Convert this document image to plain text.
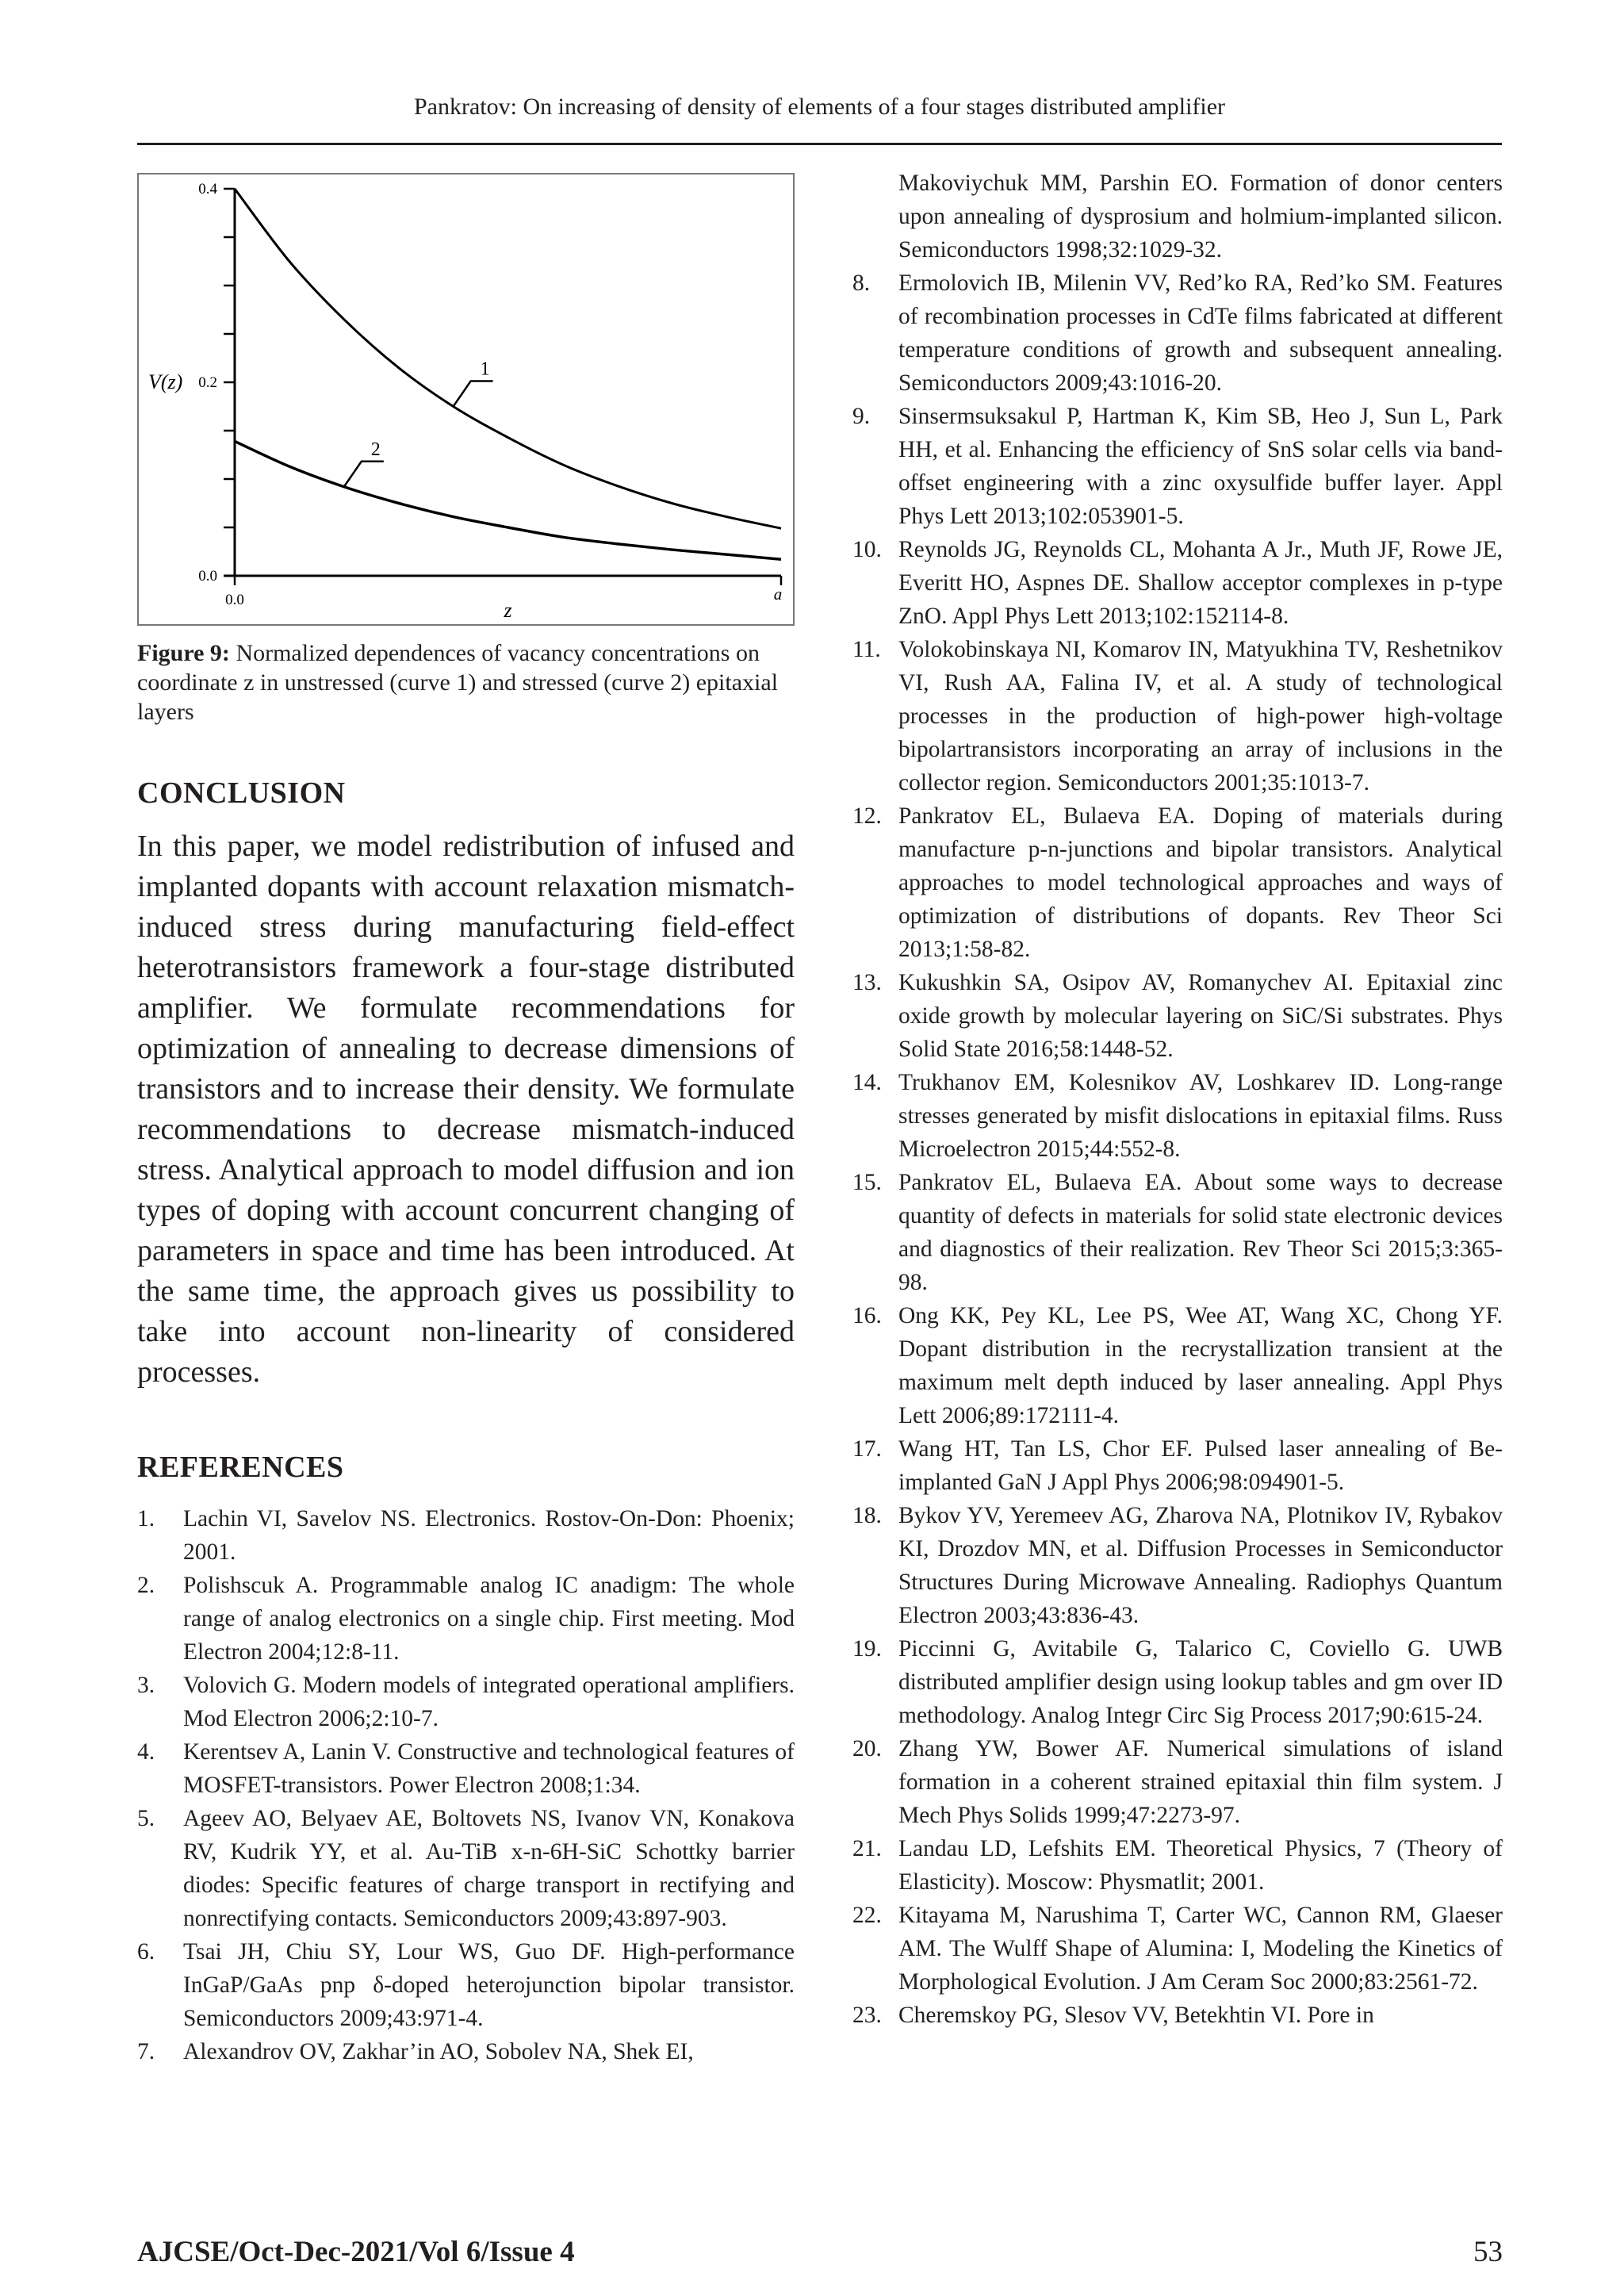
Pankratov: On increasing of density of elements of a four stages distributed amplifier
0.0
0.2
0.4
0.0	a
z
V(z)
1
2
Figure 9: Normalized dependences of vacancy concentrations on coordinate z in unstressed (curve 1) and stressed (curve 2) epitaxial layers
CONCLUSION
In this paper, we model redistribution of infused and implanted dopants with account relaxation mismatch-induced stress during manufacturing field-effect heterotransistors framework a four-stage distributed amplifier. We formulate recommendations for optimization of annealing to decrease dimensions of transistors and to increase their density. We formulate recommendations to decrease mismatch-induced stress. Analytical approach to model diffusion and ion types of doping with account concurrent changing of parameters in space and time has been introduced. At the same time, the approach gives us possibility to take into account non-linearity of considered processes.
REFERENCES
1.	Lachin VI, Savelov NS. Electronics. Rostov-On-Don: Phoenix; 2001.
2.	Polishscuk A. Programmable analog IC anadigm: The whole range of analog electronics on a single chip. First meeting. Mod Electron 2004;12:8-11.
3.	Volovich G. Modern models of integrated operational amplifiers. Mod Electron 2006;2:10-7.
4.	Kerentsev A, Lanin V. Constructive and technological features of MOSFET-transistors. Power Electron 2008;1:34.
5.	Ageev AO, Belyaev AE, Boltovets NS, Ivanov VN, Konakova RV, Kudrik YY, et al. Au-TiB x-n-6H-SiC Schottky barrier diodes: Specific features of charge transport in rectifying and nonrectifying contacts. Semiconductors 2009;43:897-903.
6.	Tsai JH, Chiu SY, Lour WS, Guo DF. High-performance InGaP/GaAs pnp δ-doped heterojunction bipolar transistor. Semiconductors 2009;43:971-4.
7.	Alexandrov OV, Zakhar’in AO, Sobolev NA, Shek EI,
Makoviychuk MM, Parshin EO. Formation of donor centers upon annealing of dysprosium and holmium-implanted silicon. Semiconductors 1998;32:1029-32.
8.	Ermolovich IB, Milenin VV, Red’ko RA, Red’ko SM. Features of recombination processes in CdTe films fabricated at different temperature conditions of growth and subsequent annealing. Semiconductors 2009;43:1016-20.
9.	Sinsermsuksakul P, Hartman K, Kim SB, Heo J, Sun L, Park HH, et al. Enhancing the efficiency of SnS solar cells via band-offset engineering with a zinc oxysulfide buffer layer. Appl Phys Lett 2013;102:053901-5.
10. Reynolds JG, Reynolds CL, Mohanta A Jr., Muth JF, Rowe JE, Everitt HO, Aspnes DE. Shallow acceptor complexes in p-type ZnO. Appl Phys Lett 2013;102:152114-8.
11. Volokobinskaya NI, Komarov IN, Matyukhina TV, Reshetnikov VI, Rush AA, Falina IV, et al. A study of technological processes in the production of high-power high-voltage bipolartransistors incorporating an array of inclusions in the collector region. Semiconductors 2001;35:1013-7.
12. Pankratov EL, Bulaeva EA. Doping of materials during manufacture p-n-junctions and bipolar transistors. Analytical approaches to model technological approaches and ways of optimization of distributions of dopants. Rev Theor Sci 2013;1:58-82.
13. Kukushkin SA, Osipov AV, Romanychev AI. Epitaxial zinc oxide growth by molecular layering on SiC/Si substrates. Phys Solid State 2016;58:1448-52.
14. Trukhanov EM, Kolesnikov AV, Loshkarev ID. Long-range stresses generated by misfit dislocations in epitaxial films. Russ Microelectron 2015;44:552-8.
15. Pankratov EL, Bulaeva EA. About some ways to decrease quantity of defects in materials for solid state electronic devices and diagnostics of their realization. Rev Theor Sci 2015;3:365-98.
16. Ong KK, Pey KL, Lee PS, Wee AT, Wang XC, Chong YF. Dopant distribution in the recrystallization transient at the maximum melt depth induced by laser annealing. Appl Phys Lett 2006;89:172111-4.
17. Wang HT, Tan LS, Chor EF. Pulsed laser annealing of Be-implanted GaN J Appl Phys 2006;98:094901-5.
18. Bykov YV, Yeremeev AG, Zharova NA, Plotnikov IV, Rybakov KI, Drozdov MN, et al. Diffusion Processes in Semiconductor Structures During Microwave Annealing. Radiophys Quantum Electron 2003;43:836-43.
19. Piccinni G, Avitabile G, Talarico C, Coviello G. UWB distributed amplifier design using lookup tables and gm over ID methodology. Analog Integr Circ Sig Process 2017;90:615-24.
20. Zhang YW, Bower AF. Numerical simulations of island formation in a coherent strained epitaxial thin film system. J Mech Phys Solids 1999;47:2273-97.
21. Landau LD, Lefshits EM. Theoretical Physics, 7 (Theory of Elasticity). Moscow: Physmatlit; 2001.
22. Kitayama M, Narushima T, Carter WC, Cannon RM, Glaeser AM. The Wulff Shape of Alumina: I, Modeling the Kinetics of Morphological Evolution. J Am Ceram Soc 2000;83:2561-72.
23. Cheremskoy PG, Slesov VV, Betekhtin VI. Pore in
AJCSE/Oct-Dec-2021/Vol 6/Issue 4	53
